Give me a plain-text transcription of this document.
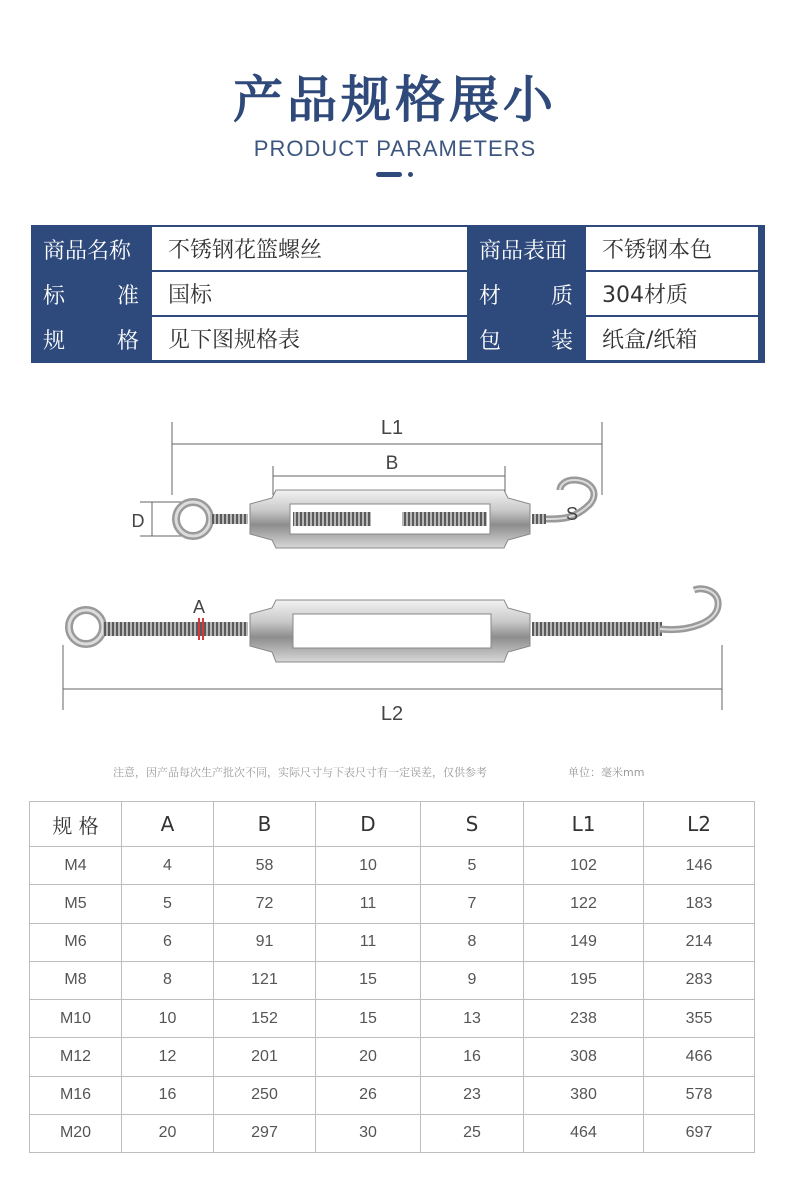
产品规格展小
PRODUCT PARAMETERS
商品名称	不锈钢花篮螺丝	商品表面	不锈钢本色
标 准	国标	材 质	304材质
规 格	见下图规格表	包 装	纸盒/纸箱
L1
B
D	S
A
L2
注意，因产品每次生产批次不同，实际尺寸与下表尺寸有一定误差，仅供参考	单位：毫米mm
规 格	A	B	D	S	L1	L2
M4	4	58	10	5	102	146
M5	5	72	11	7	122	183
M6	6	91	11	8	149	214
M8	8	121	15	9	195	283
M10	10	152	15	13	238	355
M12	12	201	20	16	308	466
M16	16	250	26	23	380	578
M20	20	297	30	25	464	697
